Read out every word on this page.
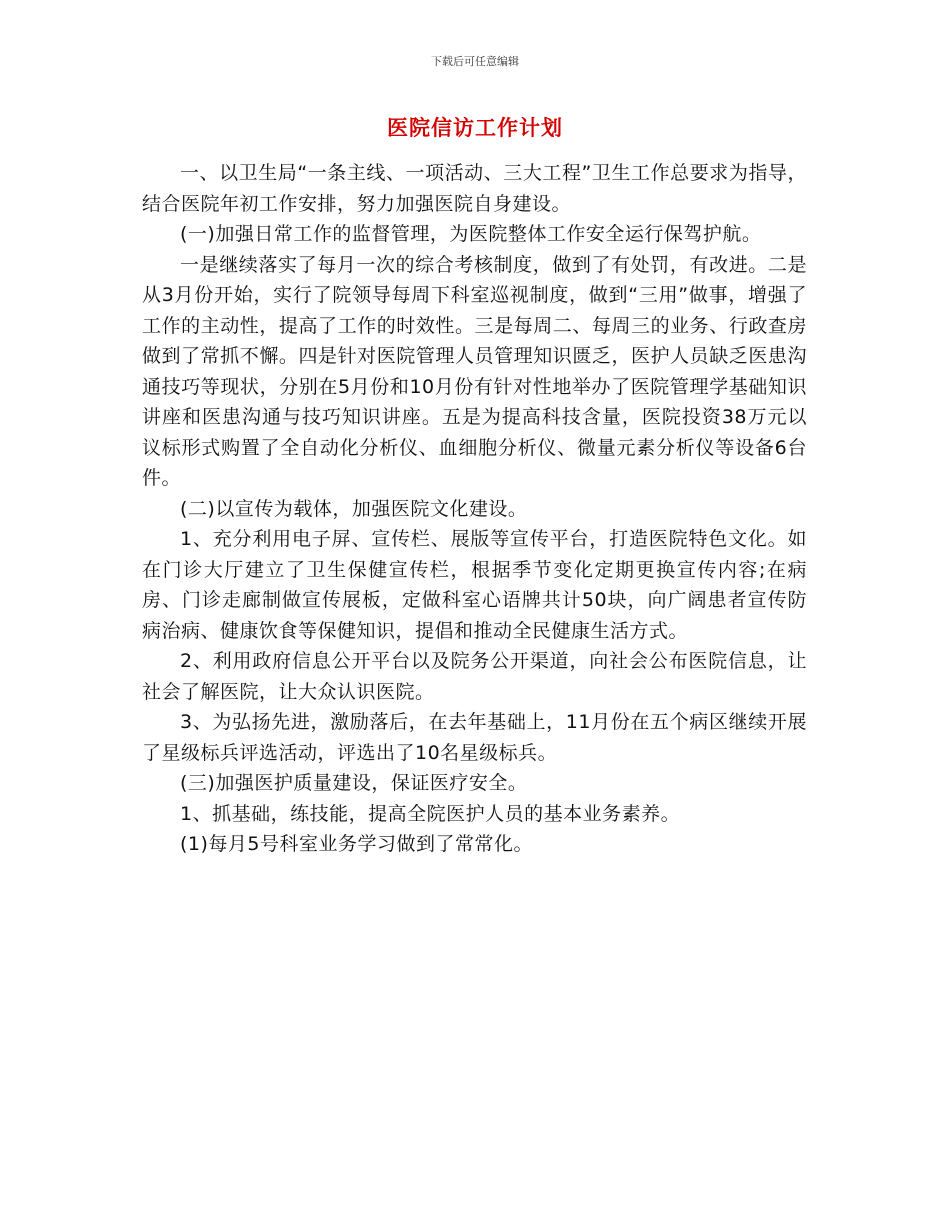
下载后可任意编辑
医院信访工作计划

一、以卫生局“一条主线、一项活动、三大工程”卫生工作总要求为指导，结合医院年初工作安排，努力加强医院自身建设。

(一)加强日常工作的监督管理，为医院整体工作安全运行保驾护航。

一是继续落实了每月一次的综合考核制度，做到了有处罚，有改进。二是从3月份开始，实行了院领导每周下科室巡视制度，做到“三用”做事，增强了工作的主动性，提高了工作的时效性。三是每周二、每周三的业务、行政查房做到了常抓不懈。四是针对医院管理人员管理知识匮乏，医护人员缺乏医患沟通技巧等现状，分别在5月份和10月份有针对性地举办了医院管理学基础知识讲座和医患沟通与技巧知识讲座。五是为提高科技含量，医院投资38万元以议标形式购置了全自动化分析仪、血细胞分析仪、微量元素分析仪等设备6台件。

(二)以宣传为载体，加强医院文化建设。

1、充分利用电子屏、宣传栏、展版等宣传平台，打造医院特色文化。如在门诊大厅建立了卫生保健宣传栏，根据季节变化定期更换宣传内容;在病房、门诊走廊制做宣传展板，定做科室心语牌共计50块，向广阔患者宣传防病治病、健康饮食等保健知识，提倡和推动全民健康生活方式。

2、利用政府信息公开平台以及院务公开渠道，向社会公布医院信息，让社会了解医院，让大众认识医院。

3、为弘扬先进，激励落后，在去年基础上，11月份在五个病区继续开展了星级标兵评选活动，评选出了10名星级标兵。

(三)加强医护质量建设，保证医疗安全。

1、抓基础，练技能，提高全院医护人员的基本业务素养。

(1)每月5号科室业务学习做到了常常化。
